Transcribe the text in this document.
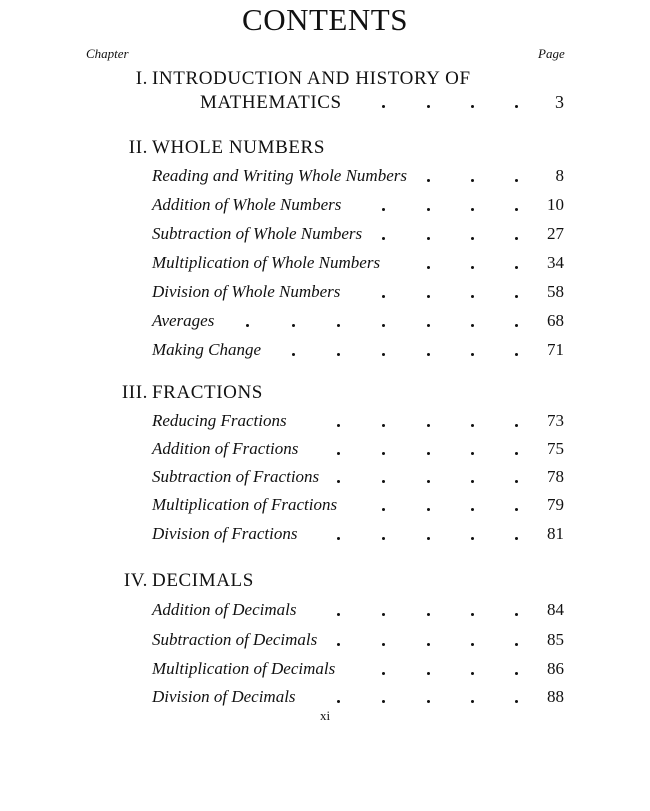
CONTENTS
Chapter	Page
I. INTRODUCTION AND HISTORY OF
MATHEMATICS	3
II. WHOLE NUMBERS
Reading and Writing Whole Numbers	8
Addition of Whole Numbers	10
Subtraction of Whole Numbers	27
Multiplication of Whole Numbers	34
Division of Whole Numbers	58
Averages	68
Making Change	71
III. FRACTIONS
Reducing Fractions	73
Addition of Fractions	75
Subtraction of Fractions	78
Multiplication of Fractions	79
Division of Fractions	81
IV. DECIMALS
Addition of Decimals	84
Subtraction of Decimals	85
Multiplication of Decimals	86
Division of Decimals	88
xi
